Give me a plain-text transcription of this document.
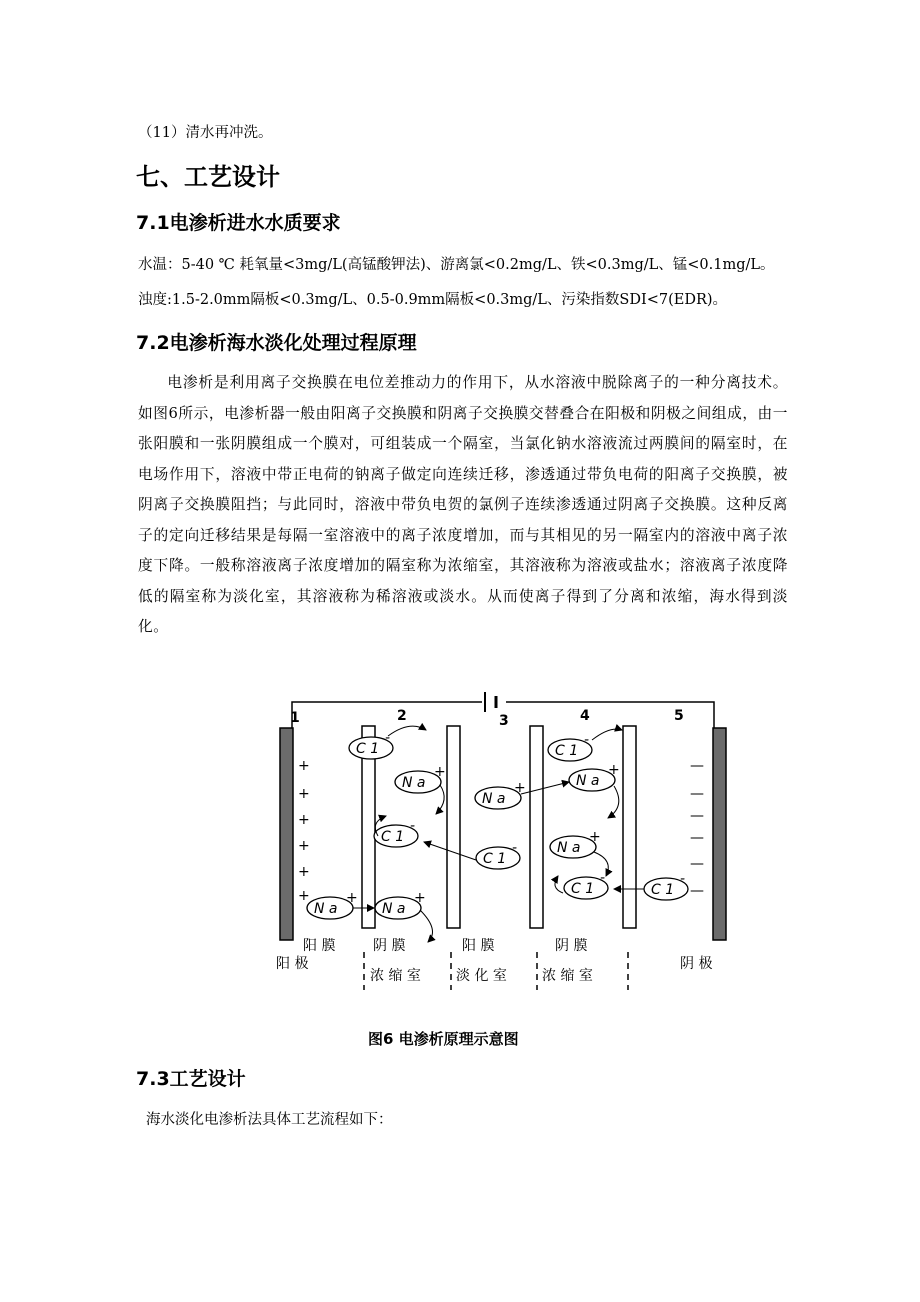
（11）清水再冲洗。
七、工艺设计
7.1电渗析进水水质要求
水温：5-40 ℃ 耗氧量<3mg/L(高锰酸钾法)、游离氯<0.2mg/L、铁<0.3mg/L、锰<0.1mg/L。
浊度:1.5-2.0mm隔板<0.3mg/L、0.5-0.9mm隔板<0.3mg/L、污染指数SDI<7(EDR)。
7.2电渗析海水淡化处理过程原理
电渗析是利用离子交换膜在电位差推动力的作用下，从水溶液中脱除离子的一种分离技术。如图6所示，电渗析器一般由阳离子交换膜和阴离子交换膜交替叠合在阳极和阴极之间组成，由一张阳膜和一张阴膜组成一个膜对，可组装成一个隔室，当氯化钠水溶液流过两膜间的隔室时，在电场作用下，溶液中带正电荷的钠离子做定向连续迁移，渗透通过带负电荷的阳离子交换膜，被阴离子交换膜阻挡；与此同时，溶液中带负电贺的氯例子连续渗透通过阴离子交换膜。这种反离子的定向迁移结果是每隔一室溶液中的离子浓度增加，而与其相见的另一隔室内的溶液中离子浓度下降。一般称溶液离子浓度增加的隔室称为浓缩室，其溶液称为溶液或盐水；溶液离子浓度降低的隔室称为淡化室，其溶液称为稀溶液或淡水。从而使离子得到了分离和浓缩，海水得到淡化。
1	2	3	4	5
+
+
+
+
+
+
—
—
—
—
—
—
C 1
-
N a
+
C 1
-
N a
+
N a
+
N a
+
C 1
-
C 1
-
N a
+
N a
+
C 1
-
C 1
-
阳 膜
阳 极
阴 膜	阳 膜	阴 膜
阴 极
浓 缩 室	淡 化 室	浓 缩 室
图6 电渗析原理示意图
7.3工艺设计
海水淡化电渗析法具体工艺流程如下：
